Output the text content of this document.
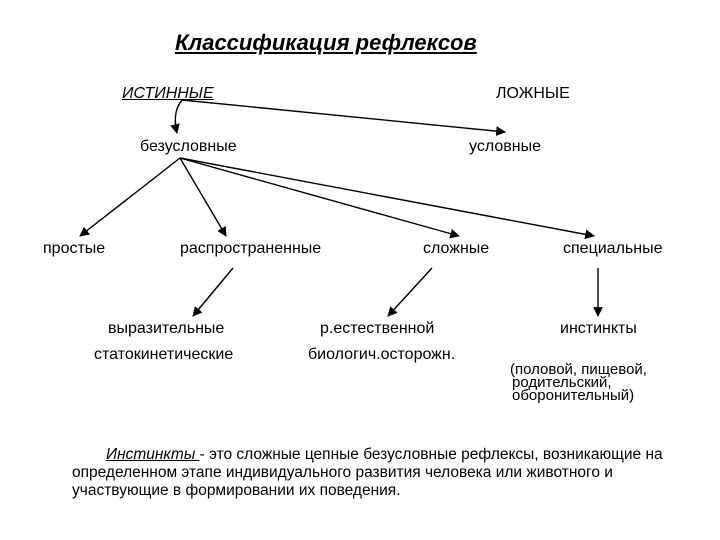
Классификация рефлексов
ИСТИННЫЕ	ЛОЖНЫЕ
безусловные	условные
простые	распространенные	сложные	специальные
выразительные
статокинетические
р.естественной
биологич.осторожн.
инстинкты
(половой, пищевой,
родительский,
оборонительный)
Инстинкты - это сложные цепные безусловные рефлексы, возникающие на определенном этапе индивидуального развития человека или животного и участвующие в формировании их поведения.
